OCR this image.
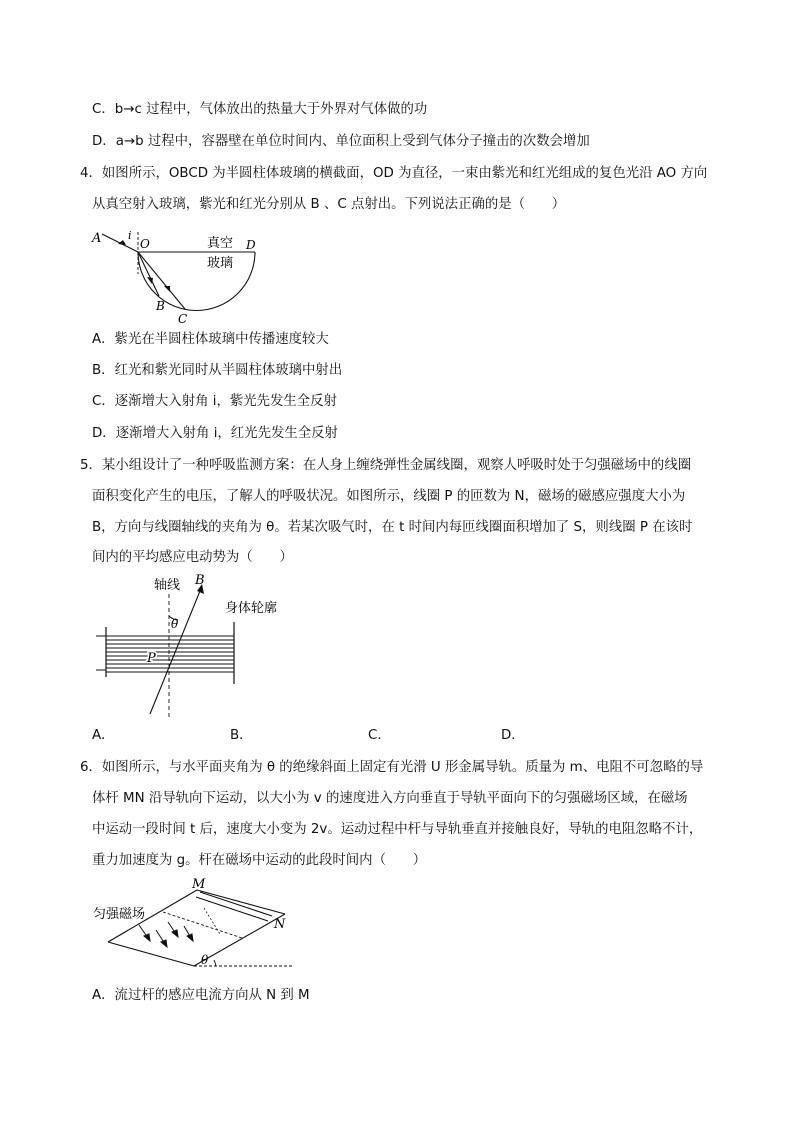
C．b→c 过程中，气体放出的热量大于外界对气体做的功
D．a→b 过程中，容器壁在单位时间内、单位面积上受到气体分子撞击的次数会增加
4．如图所示，OBCD 为半圆柱体玻璃的横截面，OD 为直径，一束由紫光和红光组成的复色光沿 AO 方向
从真空射入玻璃，紫光和红光分别从 B 、C 点射出。下列说法正确的是（　　）
A i
O	D
B
C
真空
玻璃
A．紫光在半圆柱体玻璃中传播速度较大
B．红光和紫光同时从半圆柱体玻璃中射出
C．逐渐增大入射角 i，紫光先发生全反射
D．逐渐增大入射角 i，红光先发生全反射
5．某小组设计了一种呼吸监测方案：在人身上缠绕弹性金属线圈，观察人呼吸时处于匀强磁场中的线圈
面积变化产生的电压，了解人的呼吸状况。如图所示，线圈 P 的匝数为 N，磁场的磁感应强度大小为
B，方向与线圈轴线的夹角为 θ。若某次吸气时，在 t 时间内每匝线圈面积增加了 S，则线圈 P 在该时
间内的平均感应电动势为（　　）
轴线 B
身体轮廓
θ
P
A．	B．	C．	D．
6．如图所示，与水平面夹角为 θ 的绝缘斜面上固定有光滑 U 形金属导轨。质量为 m、电阻不可忽略的导
体杆 MN 沿导轨向下运动，以大小为 v 的速度进入方向垂直于导轨平面向下的匀强磁场区域，在磁场
中运动一段时间 t 后，速度大小变为 2v。运动过程中杆与导轨垂直并接触良好，导轨的电阻忽略不计，
重力加速度为 g。杆在磁场中运动的此段时间内（　　）
M
N
匀强磁场
θ
A．流过杆的感应电流方向从 N 到 M
